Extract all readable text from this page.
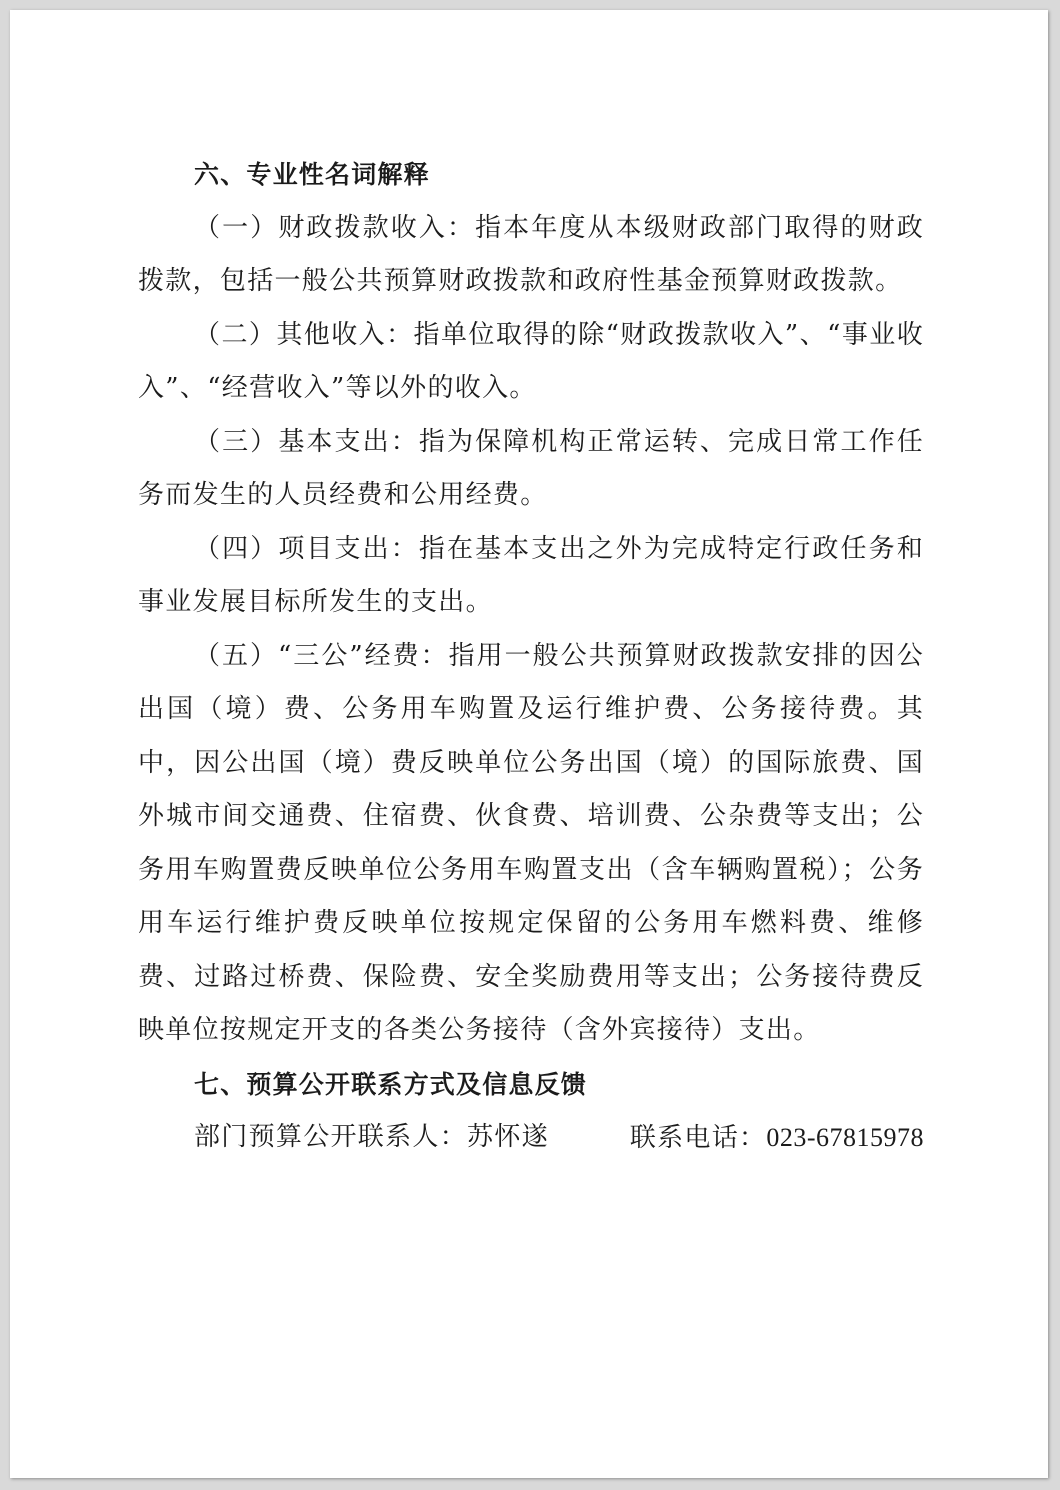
六、专业性名词解释

（一）财政拨款收入：指本年度从本级财政部门取得的财政拨款，包括一般公共预算财政拨款和政府性基金预算财政拨款。

（二）其他收入：指单位取得的除“财政拨款收入”、“事业收入”、“经营收入”等以外的收入。

（三）基本支出：指为保障机构正常运转、完成日常工作任务而发生的人员经费和公用经费。

（四）项目支出：指在基本支出之外为完成特定行政任务和事业发展目标所发生的支出。

（五）“三公”经费：指用一般公共预算财政拨款安排的因公出国（境）费、公务用车购置及运行维护费、公务接待费。其中，因公出国（境）费反映单位公务出国（境）的国际旅费、国外城市间交通费、住宿费、伙食费、培训费、公杂费等支出；公务用车购置费反映单位公务用车购置支出（含车辆购置税）；公务用车运行维护费反映单位按规定保留的公务用车燃料费、维修费、过路过桥费、保险费、安全奖励费用等支出；公务接待费反映单位按规定开支的各类公务接待（含外宾接待）支出。

七、预算公开联系方式及信息反馈

部门预算公开联系人：苏怀遂	联系电话：023-67815978
